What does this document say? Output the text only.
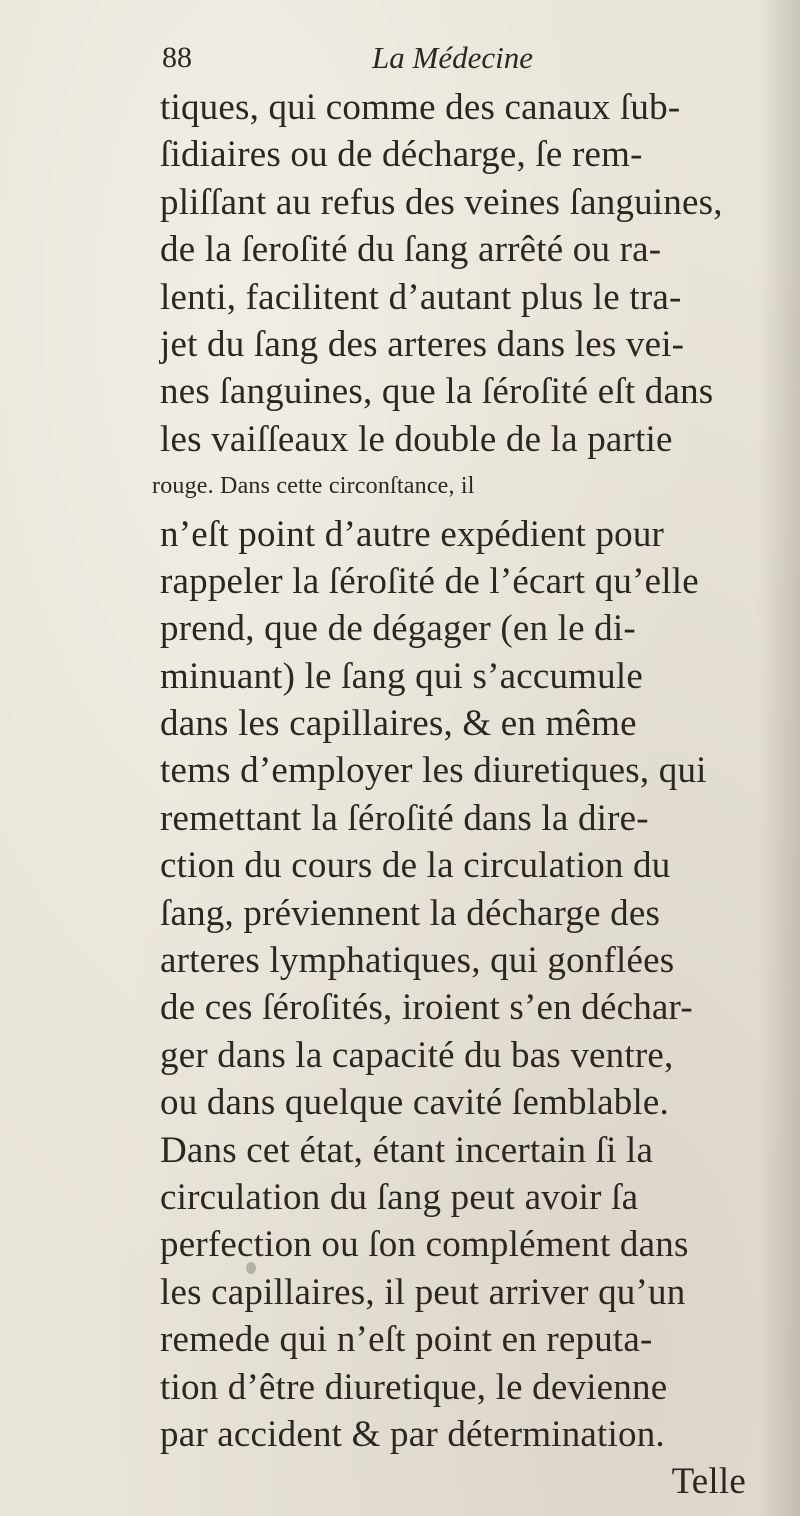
88	La Médecine
tiques, qui comme des canaux ſub-
ſidiaires ou de décharge, ſe rem-
pliſſant au refus des veines ſanguines,
de la ſeroſité du ſang arrêté ou ra-
lenti, facilitent d’autant plus le tra-
jet du ſang des arteres dans les vei-
nes ſanguines, que la ſéroſité eſt dans
les vaiſſeaux le double de la partie
rouge. Dans cette circonſtance, il
n’eſt point d’autre expédient pour
rappeler la ſéroſité de l’écart qu’elle
prend, que de dégager (en le di-
minuant) le ſang qui s’accumule
dans les capillaires, & en même
tems d’employer les diuretiques, qui
remettant la ſéroſité dans la dire-
ction du cours de la circulation du
ſang, préviennent la décharge des
arteres lymphatiques, qui gonflées
de ces ſéroſités, iroient s’en déchar-
ger dans la capacité du bas ventre,
ou dans quelque cavité ſemblable.
Dans cet état, étant incertain ſi la
circulation du ſang peut avoir ſa
perfection ou ſon complément dans
les capillaires, il peut arriver qu’un
remede qui n’eſt point en reputa-
tion d’être diuretique, le devienne
par accident & par détermination.
Telle
